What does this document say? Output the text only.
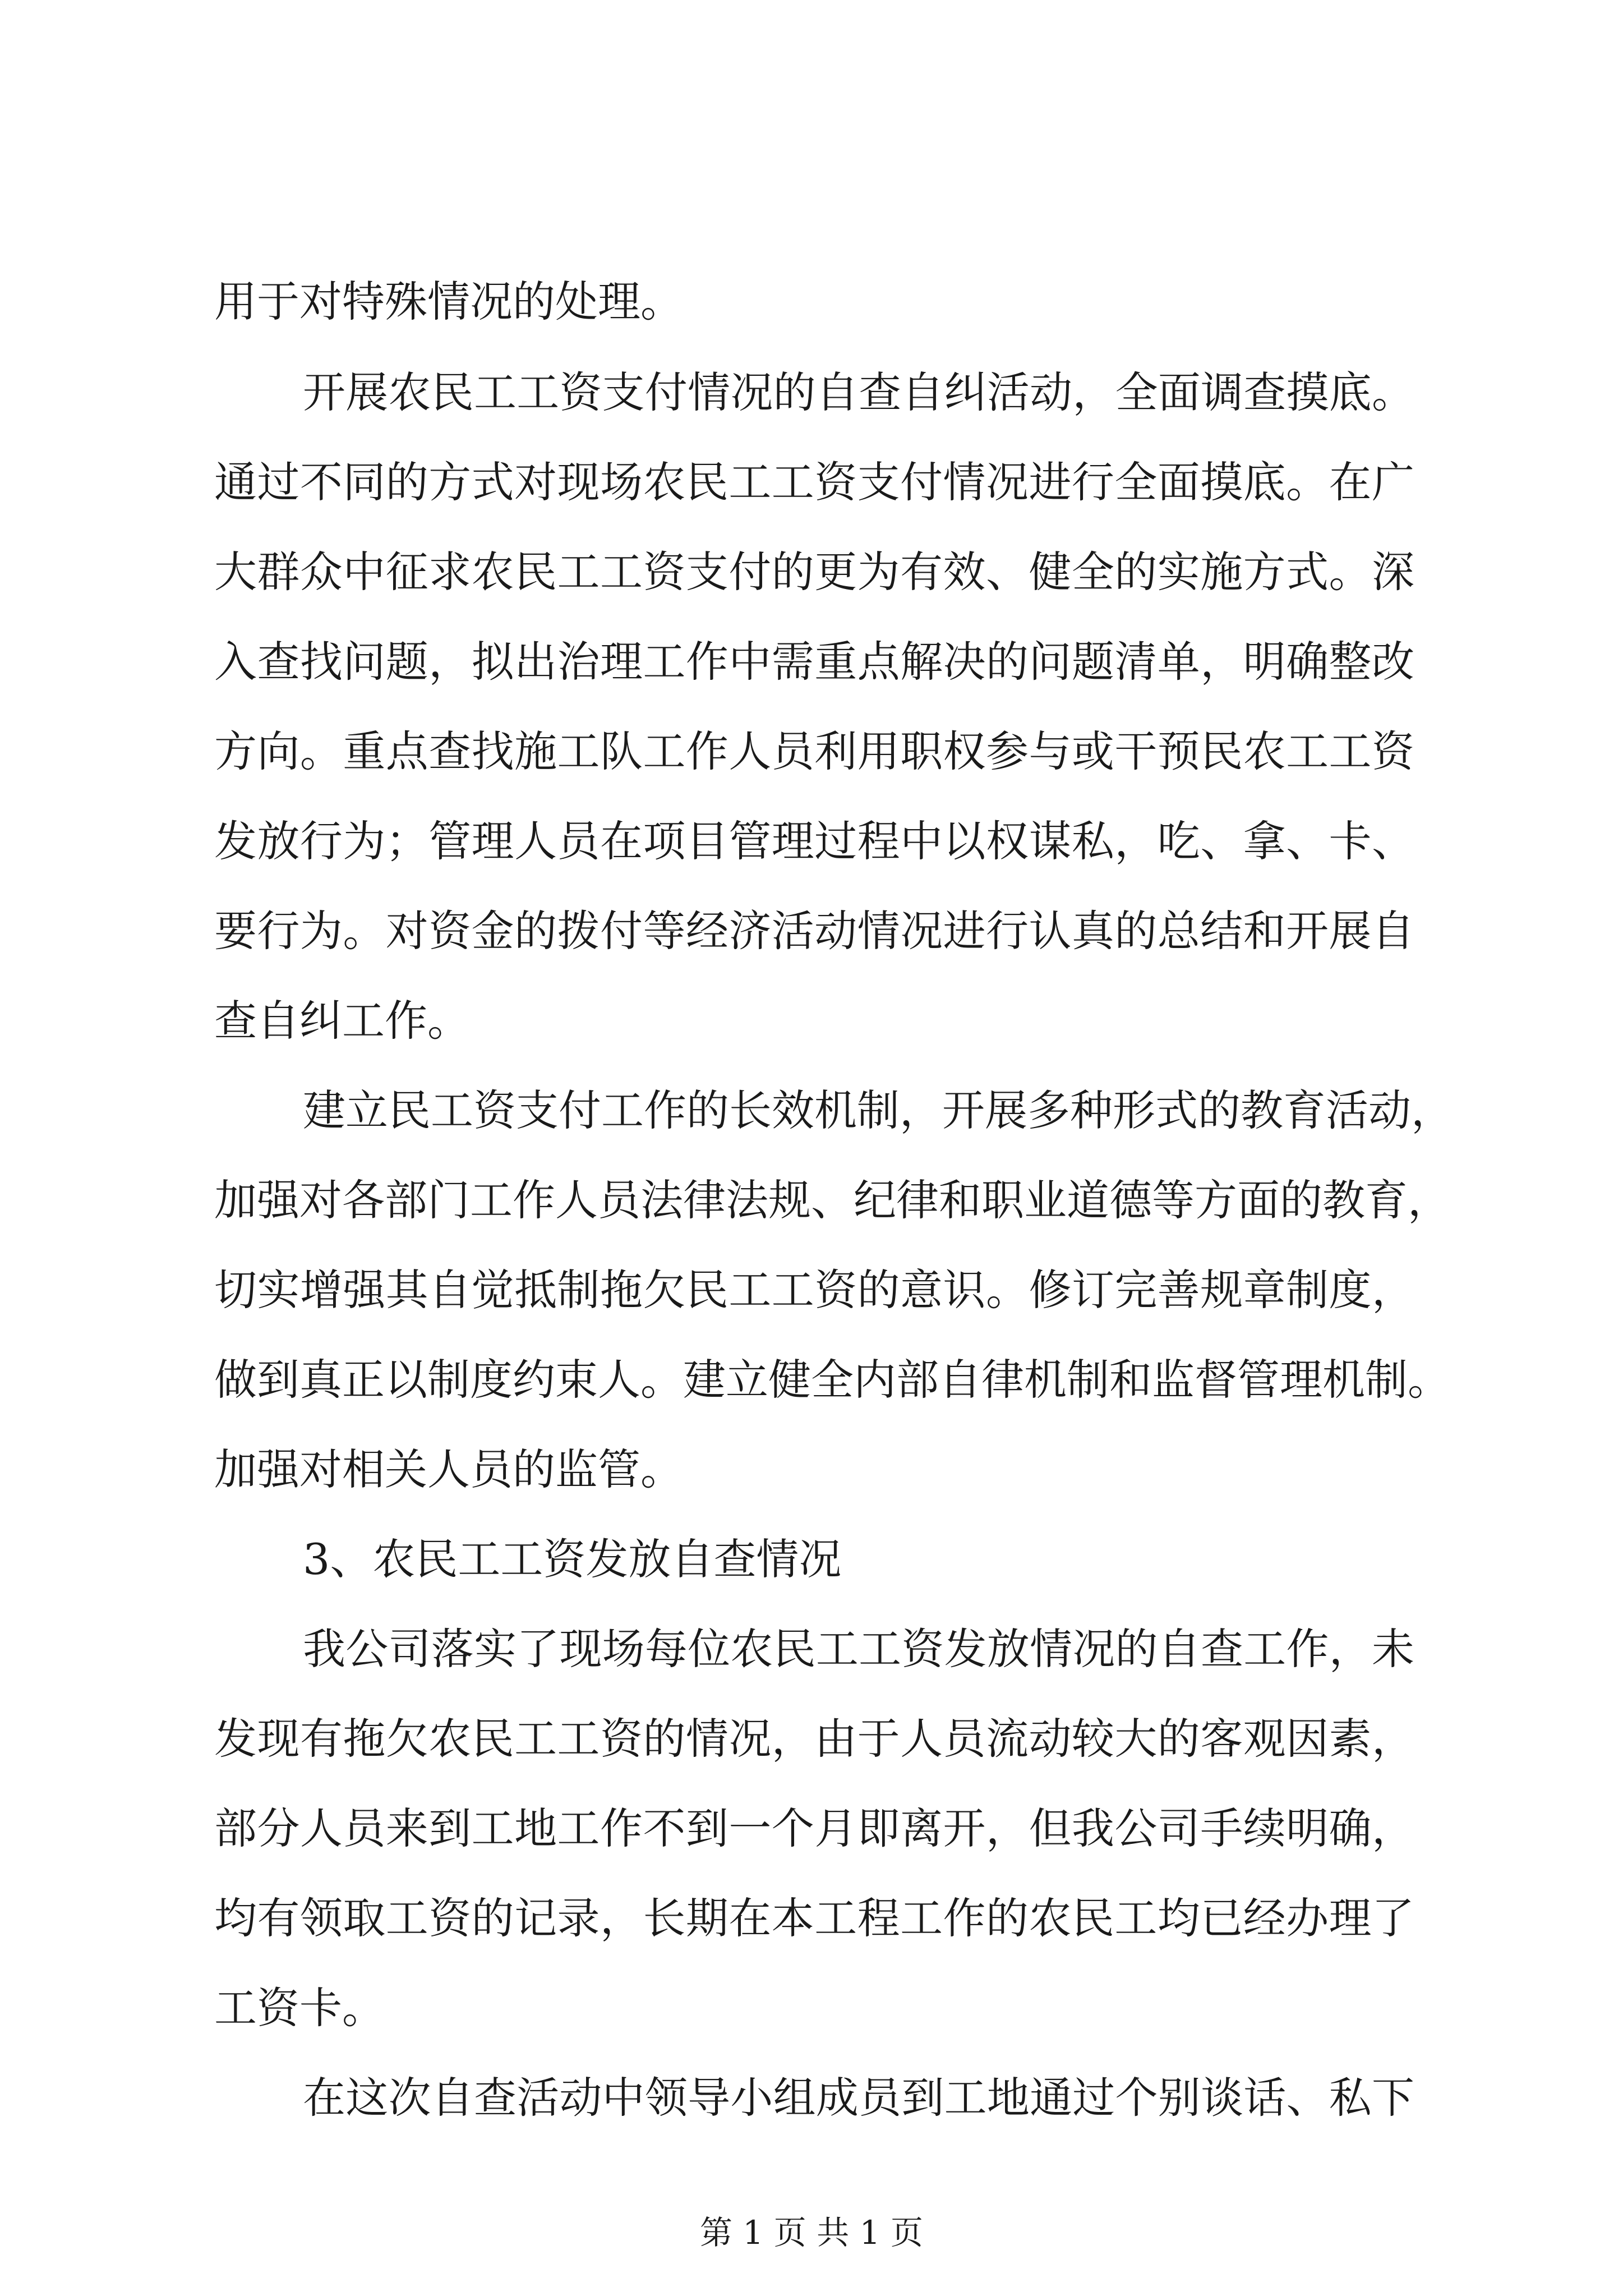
用于对特殊情况的处理。
开展农民工工资支付情况的自查自纠活动，全面调查摸底。
通过不同的方式对现场农民工工资支付情况进行全面摸底。在广
大群众中征求农民工工资支付的更为有效、健全的实施方式。深
入查找问题，拟出治理工作中需重点解决的问题清单，明确整改
方向。重点查找施工队工作人员利用职权参与或干预民农工工资
发放行为；管理人员在项目管理过程中以权谋私，吃、拿、卡、
要行为。对资金的拨付等经济活动情况进行认真的总结和开展自
查自纠工作。
建立民工资支付工作的长效机制，开展多种形式的教育活动，
加强对各部门工作人员法律法规、纪律和职业道德等方面的教育，
切实增强其自觉抵制拖欠民工工资的意识。修订完善规章制度，
做到真正以制度约束人。建立健全内部自律机制和监督管理机制。
加强对相关人员的监管。
3、农民工工资发放自查情况
我公司落实了现场每位农民工工资发放情况的自查工作，未
发现有拖欠农民工工资的情况，由于人员流动较大的客观因素，
部分人员来到工地工作不到一个月即离开，但我公司手续明确，
均有领取工资的记录，长期在本工程工作的农民工均已经办理了
工资卡。
在这次自查活动中领导小组成员到工地通过个别谈话、私下
第 1 页 共 1 页
